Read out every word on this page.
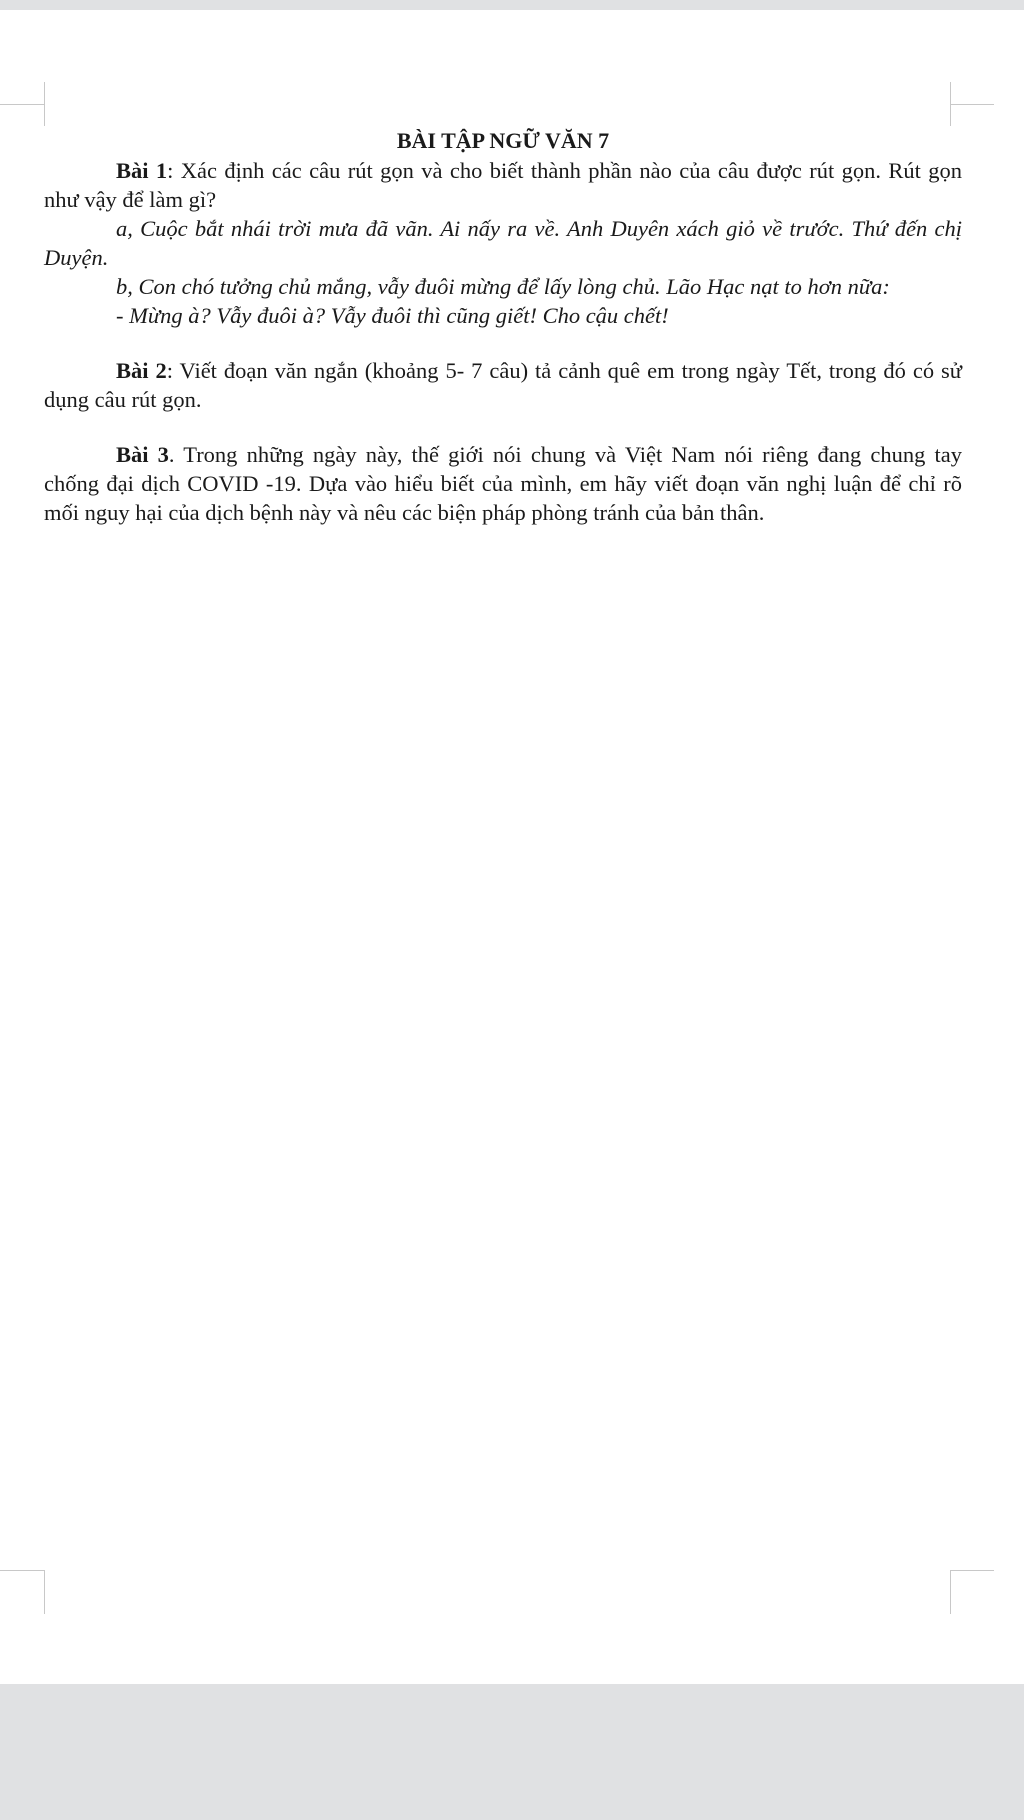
BÀI TẬP NGỮ VĂN 7

Bài 1: Xác định các câu rút gọn và cho biết thành phần nào của câu được rút gọn. Rút gọn như vậy để làm gì?

a, Cuộc bắt nhái trời mưa đã vãn. Ai nấy ra về. Anh Duyên xách giỏ về trước. Thứ đến chị Duyện.

b, Con chó tưởng chủ mắng, vẫy đuôi mừng để lấy lòng chủ. Lão Hạc nạt to hơn nữa:

- Mừng à? Vẫy đuôi à? Vẫy đuôi thì cũng giết! Cho cậu chết!

Bài 2: Viết đoạn văn ngắn (khoảng 5- 7 câu) tả cảnh quê em trong ngày Tết, trong đó có sử dụng câu rút gọn.

Bài 3. Trong những ngày này, thế giới nói chung và Việt Nam nói riêng đang chung tay chống đại dịch COVID -19. Dựa vào hiểu biết của mình, em hãy viết đoạn văn nghị luận để chỉ rõ mối nguy hại của dịch bệnh này và nêu các biện pháp phòng tránh của bản thân.
